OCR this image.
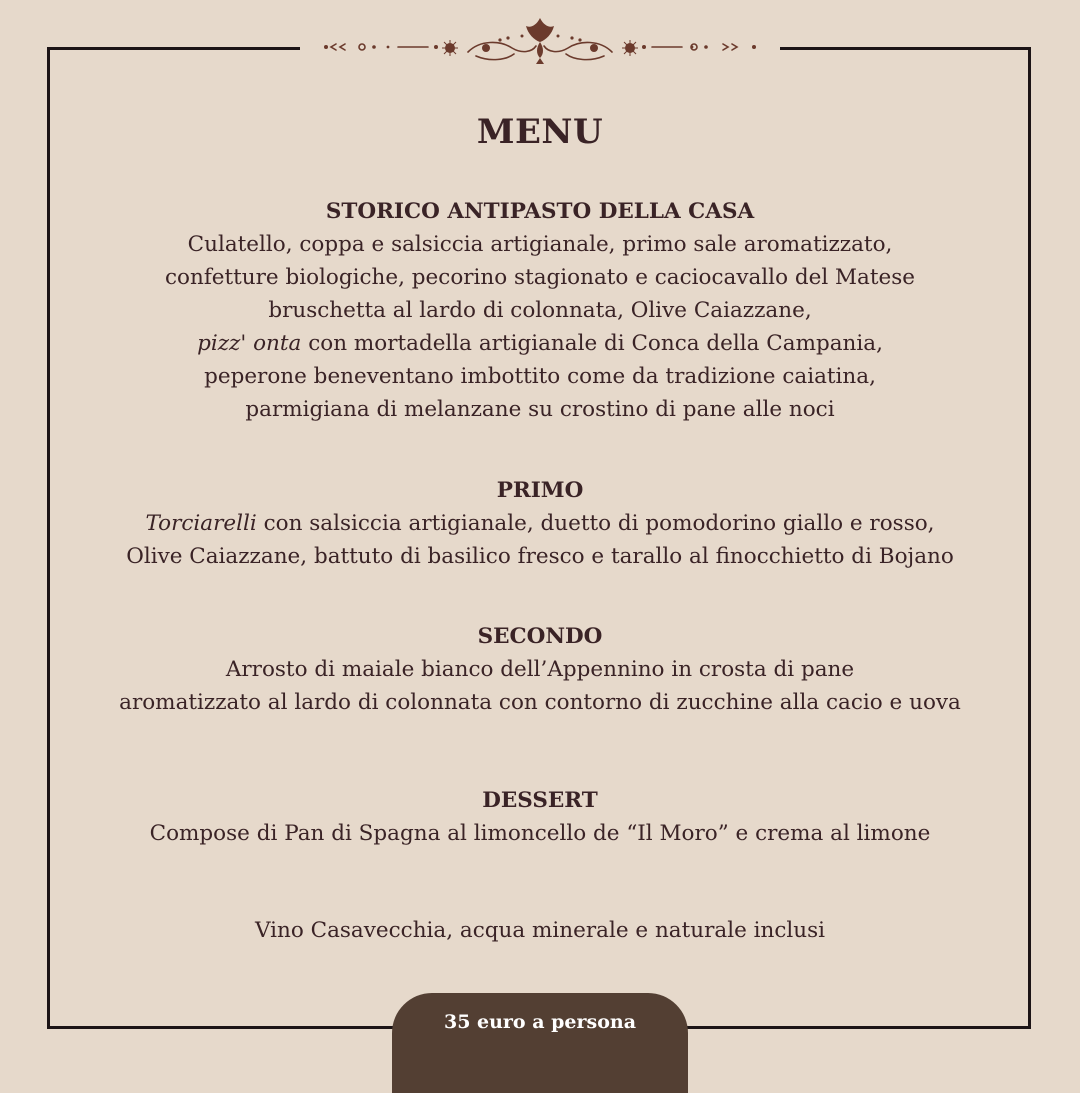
MENU
STORICO ANTIPASTO DELLA CASA
Culatello, coppa e salsiccia artigianale, primo sale aromatizzato,
confetture biologiche, pecorino stagionato e caciocavallo del Matese
bruschetta al lardo di colonnata, Olive Caiazzane,
pizz' onta con mortadella artigianale di Conca della Campania,
peperone beneventano imbottito come da tradizione caiatina,
parmigiana di melanzane su crostino di pane alle noci
PRIMO
Torciarelli con salsiccia artigianale, duetto di pomodorino giallo e rosso,
Olive Caiazzane, battuto di basilico fresco e tarallo al finocchietto di Bojano
SECONDO
Arrosto di maiale bianco dell’Appennino in crosta di pane
aromatizzato al lardo di colonnata con contorno di zucchine alla cacio e uova
DESSERT
Compose di Pan di Spagna al limoncello de “Il Moro” e crema al limone
Vino Casavecchia, acqua minerale e naturale inclusi
35 euro a persona
